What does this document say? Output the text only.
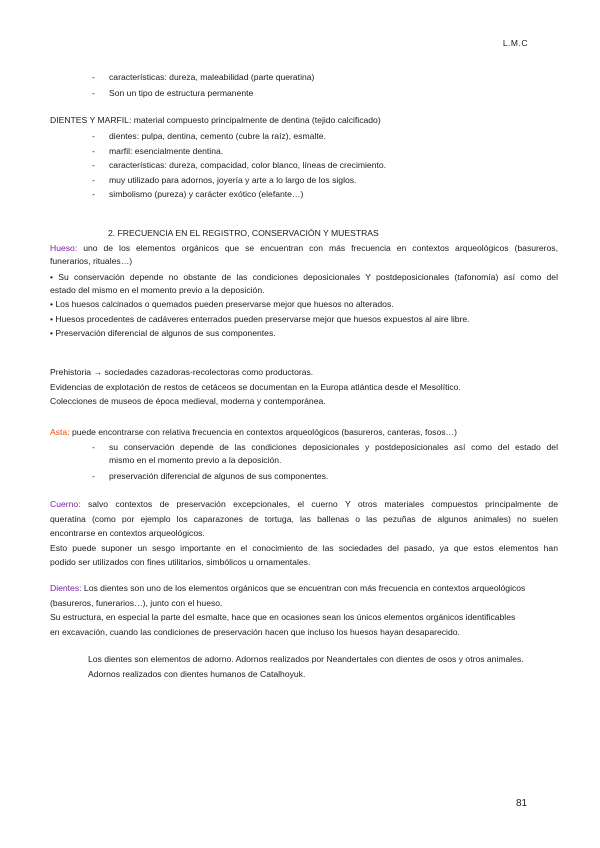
L.M.C
- características: dureza, maleabilidad (parte queratina)
- Son un tipo de estructura permanente
DIENTES Y MARFIL: material compuesto principalmente de dentina (tejido calcificado)
- dientes: pulpa, dentina, cemento (cubre la raíz), esmalte.
- marfil: esencialmente dentina.
- características: dureza, compacidad, color blanco, líneas de crecimiento.
- muy utilizado para adornos, joyería y arte a lo largo de los siglos.
- simbolismo (pureza) y carácter exótico (elefante…)
2. FRECUENCIA EN EL REGISTRO, CONSERVACIÓN Y MUESTRAS
Hueso: uno de los elementos orgánicos que se encuentran con más frecuencia en contextos arqueológicos (basureros,
funerarios, rituales…)
• Su conservación depende no obstante de las condiciones deposicionales Y postdeposicionales (tafonomía) así como del
estado del mismo en el momento previo a la deposición.
• Los huesos calcinados o quemados pueden preservarse mejor que huesos no alterados.
• Huesos procedentes de cadáveres enterrados pueden preservarse mejor que huesos expuestos al aire libre.
• Preservación diferencial de algunos de sus componentes.
Prehistoria → sociedades cazadoras-recolectoras como productoras.
Evidencias de explotación de restos de cetáceos se documentan en la Europa atlántica desde el Mesolítico.
Colecciones de museos de época medieval, moderna y contemporánea.
Asta: puede encontrarse con relativa frecuencia en contextos arqueológicos (basureros, canteras, fosos…)
- su conservación depende de las condiciones deposicionales y postdeposicionales así como del estado del
mismo en el momento previo a la deposición.
- preservación diferencial de algunos de sus componentes.
Cuerno: salvo contextos de preservación excepcionales, el cuerno Y otros materiales compuestos principalmente de
queratina (como por ejemplo los caparazones de tortuga, las ballenas o las pezuñas de algunos animales) no suelen
encontrarse en contextos arqueológicos.
Esto puede suponer un sesgo importante en el conocimiento de las sociedades del pasado, ya que estos elementos han
podido ser utilizados con fines utilitarios, simbólicos u ornamentales.
Dientes: Los dientes son uno de los elementos orgánicos que se encuentran con más frecuencia en contextos arqueológicos
(basureros, funerarios…), junto con el hueso.
Su estructura, en especial la parte del esmalte, hace que en ocasiones sean los únicos elementos orgánicos identificables
en excavación, cuando las condiciones de preservación hacen que incluso los huesos hayan desaparecido.
Los dientes son elementos de adorno. Adornos realizados por Neandertales con dientes de osos y otros animales.
Adornos realizados con dientes humanos de Catalhoyuk.
81
